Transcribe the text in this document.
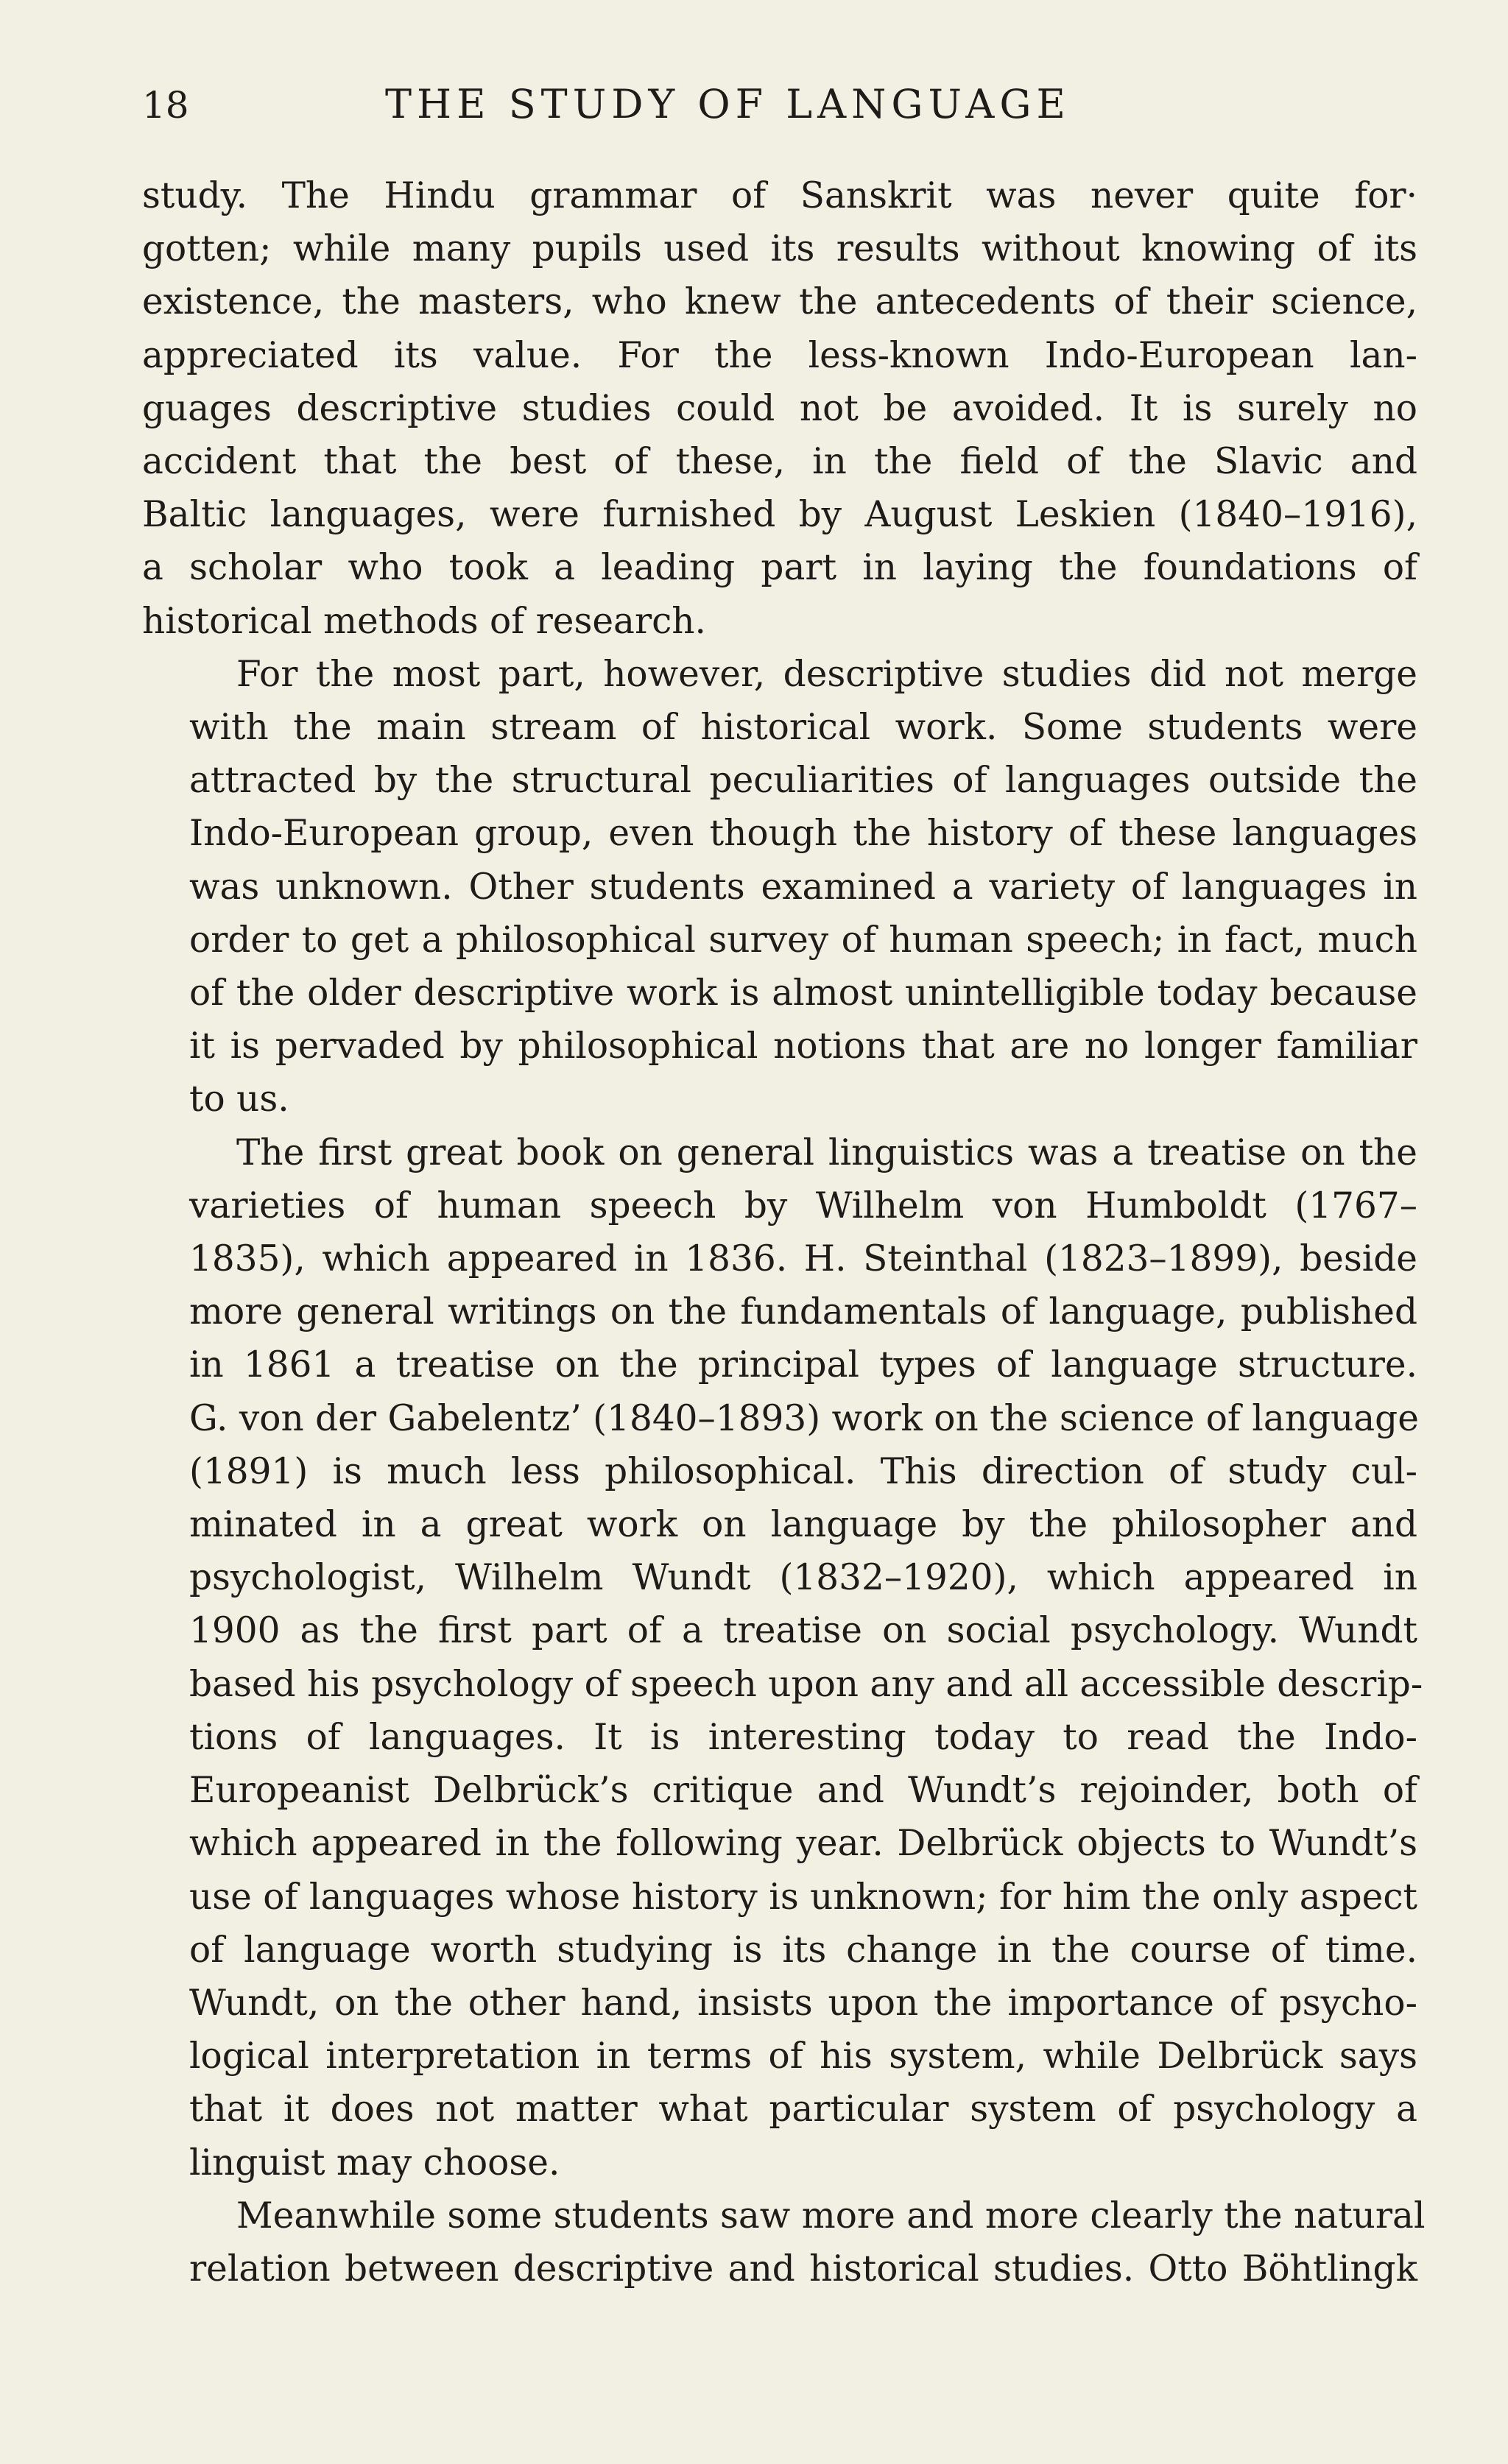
18	THE STUDY OF LANGUAGE
study. The Hindu grammar of Sanskrit was never quite for·
gotten; while many pupils used its results without knowing of its
existence, the masters, who knew the antecedents of their science,
appreciated its value. For the less-known Indo-European lan-
guages descriptive studies could not be avoided. It is surely no
accident that the best of these, in the field of the Slavic and
Baltic languages, were furnished by August Leskien (1840–1916),
a scholar who took a leading part in laying the foundations of
historical methods of research.
For the most part, however, descriptive studies did not merge
with the main stream of historical work. Some students were
attracted by the structural peculiarities of languages outside the
Indo-European group, even though the history of these languages
was unknown. Other students examined a variety of languages in
order to get a philosophical survey of human speech; in fact, much
of the older descriptive work is almost unintelligible today because
it is pervaded by philosophical notions that are no longer familiar
to us.
The first great book on general linguistics was a treatise on the
varieties of human speech by Wilhelm von Humboldt (1767–
1835), which appeared in 1836. H. Steinthal (1823–1899), beside
more general writings on the fundamentals of language, published
in 1861 a treatise on the principal types of language structure.
G. von der Gabelentz’ (1840–1893) work on the science of language
(1891) is much less philosophical. This direction of study cul-
minated in a great work on language by the philosopher and
psychologist, Wilhelm Wundt (1832–1920), which appeared in
1900 as the first part of a treatise on social psychology. Wundt
based his psychology of speech upon any and all accessible descrip-
tions of languages. It is interesting today to read the Indo-
Europeanist Delbrück’s critique and Wundt’s rejoinder, both of
which appeared in the following year. Delbrück objects to Wundt’s
use of languages whose history is unknown; for him the only aspect
of language worth studying is its change in the course of time.
Wundt, on the other hand, insists upon the importance of psycho-
logical interpretation in terms of his system, while Delbrück says
that it does not matter what particular system of psychology a
linguist may choose.
Meanwhile some students saw more and more clearly the natural
relation between descriptive and historical studies. Otto Böhtlingk
